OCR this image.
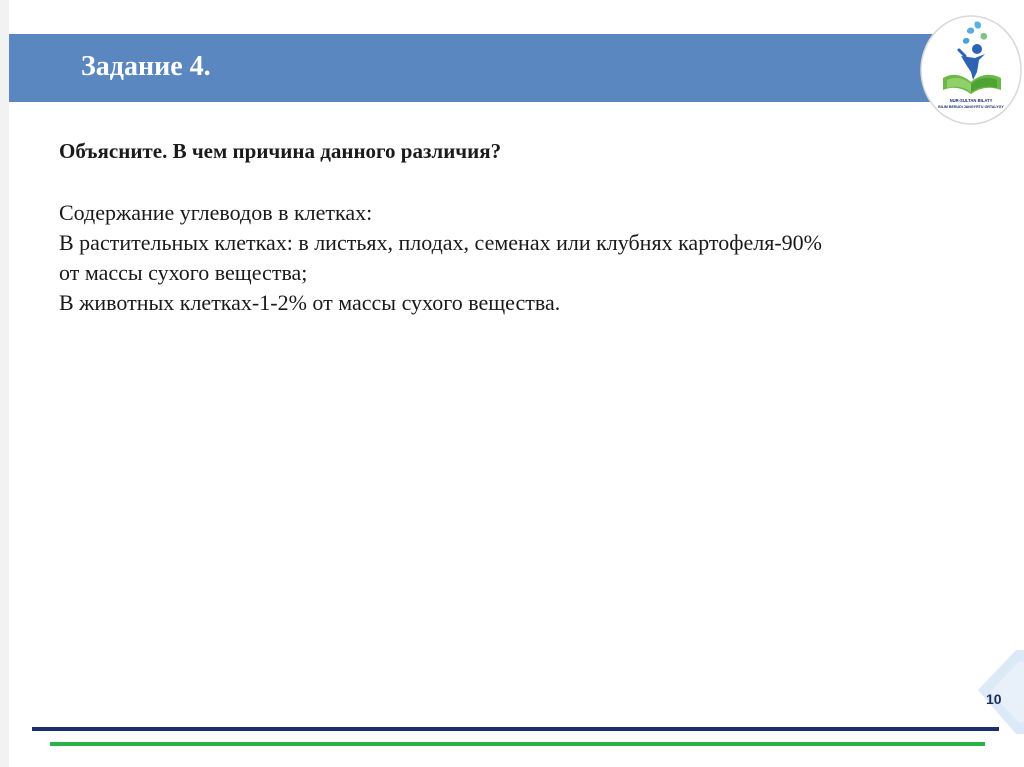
Задание 4.
NUR-SULTAN BILATY
BILIM BERUDI JANGYRTU ORTALYGY
Объясните. В чем причина данного различия?
Содержание углеводов в клетках:
В растительных клетках: в листьях, плодах, семенах или клубнях картофеля-90%
от массы сухого вещества;
В животных клетках-1-2% от массы сухого вещества.
10
